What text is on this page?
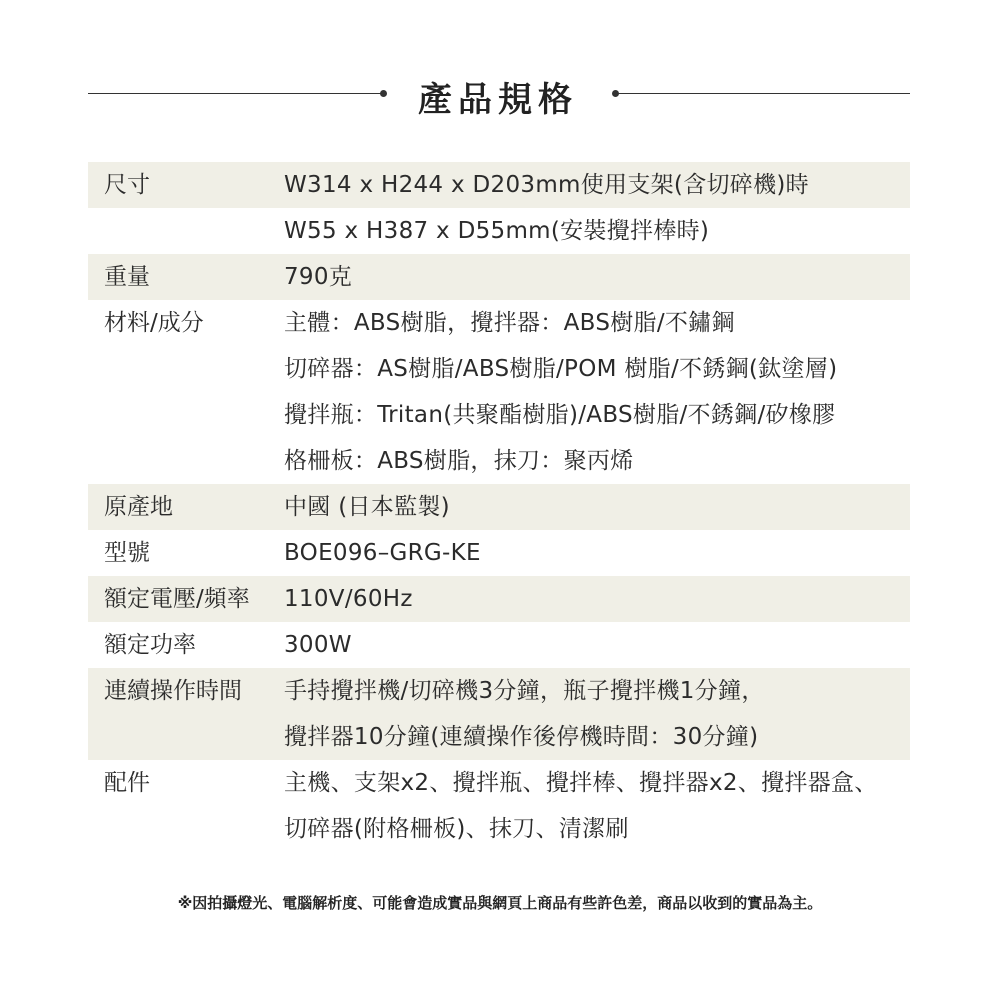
產品規格
尺寸	W314 x H244 x D203mm使用支架(含切碎機)時
W55 x H387 x D55mm(安裝攪拌棒時)
重量	790克
材料/成分	主體：ABS樹脂，攪拌器：ABS樹脂/不鏽鋼
切碎器：AS樹脂/ABS樹脂/POM 樹脂/不銹鋼(鈦塗層)
攪拌瓶：Tritan(共聚酯樹脂)/ABS樹脂/不銹鋼/矽橡膠
格柵板：ABS樹脂，抹刀：聚丙烯
原產地	中國 (日本監製)
型號	BOE096–GRG-KE
額定電壓/頻率	110V/60Hz
額定功率	300W
連續操作時間	手持攪拌機/切碎機3分鐘，瓶子攪拌機1分鐘，
攪拌器10分鐘(連續操作後停機時間：30分鐘)
配件	主機、支架x2、攪拌瓶、攪拌棒、攪拌器x2、攪拌器盒、
切碎器(附格柵板)、抹刀、清潔刷
※因拍攝燈光、電腦解析度、可能會造成實品與網頁上商品有些許色差，商品以收到的實品為主。
